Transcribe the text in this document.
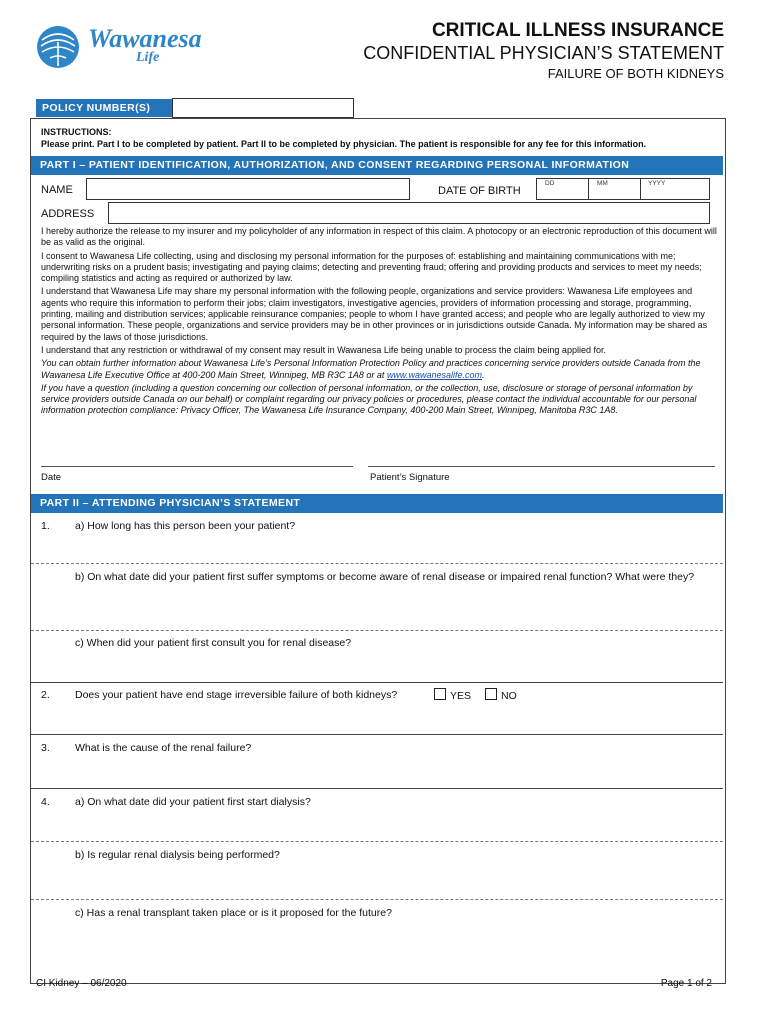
Wawanesa
Life
CRITICAL ILLNESS INSURANCE
CONFIDENTIAL PHYSICIAN’S STATEMENT
FAILURE OF BOTH KIDNEYS
POLICY NUMBER(S)
INSTRUCTIONS:
Please print. Part I to be completed by patient. Part II to be completed by physician. The patient is responsible for any fee for this information.
PART I – PATIENT IDENTIFICATION, AUTHORIZATION, AND CONSENT REGARDING PERSONAL INFORMATION
NAME	DATE OF BIRTH
DD	MM	YYYY
ADDRESS

I hereby authorize the release to my insurer and my policyholder of any information in respect of this claim. A photocopy or an electronic reproduction of this document will be as valid as the original.

I consent to Wawanesa Life collecting, using and disclosing my personal information for the purposes of: establishing and maintaining communications with me; underwriting risks on a prudent basis; investigating and paying claims; detecting and preventing fraud; offering and providing products and services to meet my needs; compiling statistics and acting as required or authorized by law.

I understand that Wawanesa Life may share my personal information with the following people, organizations and service providers: Wawanesa Life employees and agents who require this information to perform their jobs; claim investigators, investigative agencies, providers of information processing and storage, programming, printing, mailing and distribution services; applicable reinsurance companies; people to whom I have granted access; and people who are legally authorized to view my personal information. These people, organizations and service providers may be in other provinces or in jurisdictions outside Canada. My information may be shared as required by the laws of those jurisdictions.

I understand that any restriction or withdrawal of my consent may result in Wawanesa Life being unable to process the claim being applied for.

You can obtain further information about Wawanesa Life’s Personal Information Protection Policy and practices concerning service providers outside Canada from the Wawanesa Life Executive Office at 400-200 Main Street, Winnipeg, MB R3C 1A8 or at www.wawanesalife.com.

If you have a question (including a question concerning our collection of personal information, or the collection, use, disclosure or storage of personal information by service providers outside Canada on our behalf) or complaint regarding our privacy policies or procedures, please contact the individual accountable for our personal information protection compliance: Privacy Officer, The Wawanesa Life Insurance Company, 400-200 Main Street, Winnipeg, Manitoba R3C 1A8.

Date	Patient’s Signature
PART II – ATTENDING PHYSICIAN’S STATEMENT
1. a) How long has this person been your patient?
b) On what date did your patient first suffer symptoms or become aware of renal disease or impaired renal function? What were they?
c) When did your patient first consult you for renal disease?
2. Does your patient have end stage irreversible failure of both kidneys?	YES	NO
3. What is the cause of the renal failure?
4. a) On what date did your patient first start dialysis?
b) Is regular renal dialysis being performed?
c) Has a renal transplant taken place or is it proposed for the future?
CI Kidney – 06/2020	Page 1 of 2
